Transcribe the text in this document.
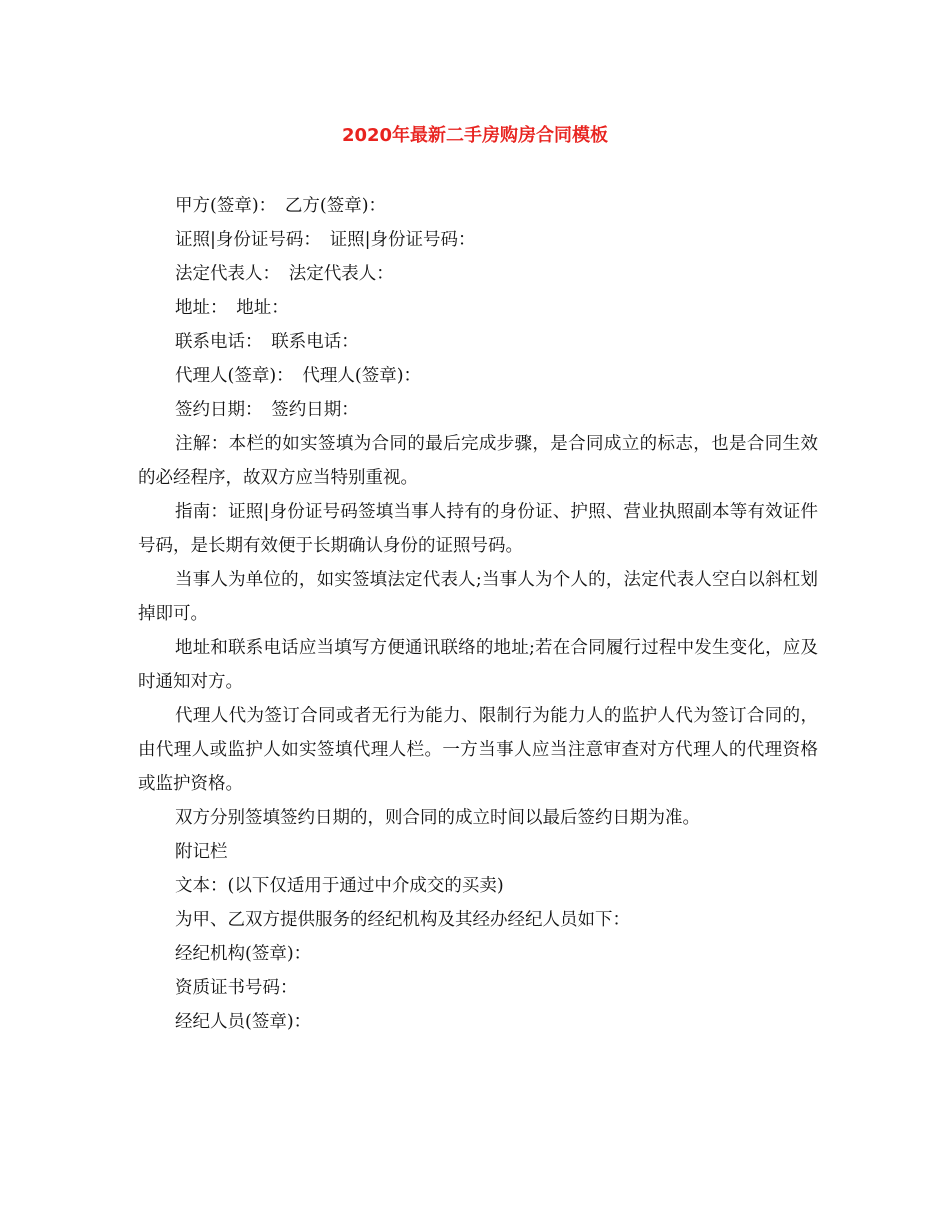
2020年最新二手房购房合同模板

甲方(签章)：　乙方(签章)：

证照|身份证号码：　证照|身份证号码：

法定代表人：　法定代表人：

地址：　地址：

联系电话：　联系电话：

代理人(签章)：　代理人(签章)：

签约日期：　签约日期：

注解：本栏的如实签填为合同的最后完成步骤，是合同成立的标志，也是合同生效的必经程序，故双方应当特别重视。

指南：证照|身份证号码签填当事人持有的身份证、护照、营业执照副本等有效证件号码，是长期有效便于长期确认身份的证照号码。

当事人为单位的，如实签填法定代表人;当事人为个人的，法定代表人空白以斜杠划掉即可。

地址和联系电话应当填写方便通讯联络的地址;若在合同履行过程中发生变化，应及时通知对方。

代理人代为签订合同或者无行为能力、限制行为能力人的监护人代为签订合同的，由代理人或监护人如实签填代理人栏。一方当事人应当注意审查对方代理人的代理资格或监护资格。

双方分别签填签约日期的，则合同的成立时间以最后签约日期为准。

附记栏

文本：(以下仅适用于通过中介成交的买卖)

为甲、乙双方提供服务的经纪机构及其经办经纪人员如下：

经纪机构(签章)：

资质证书号码：

经纪人员(签章)：
